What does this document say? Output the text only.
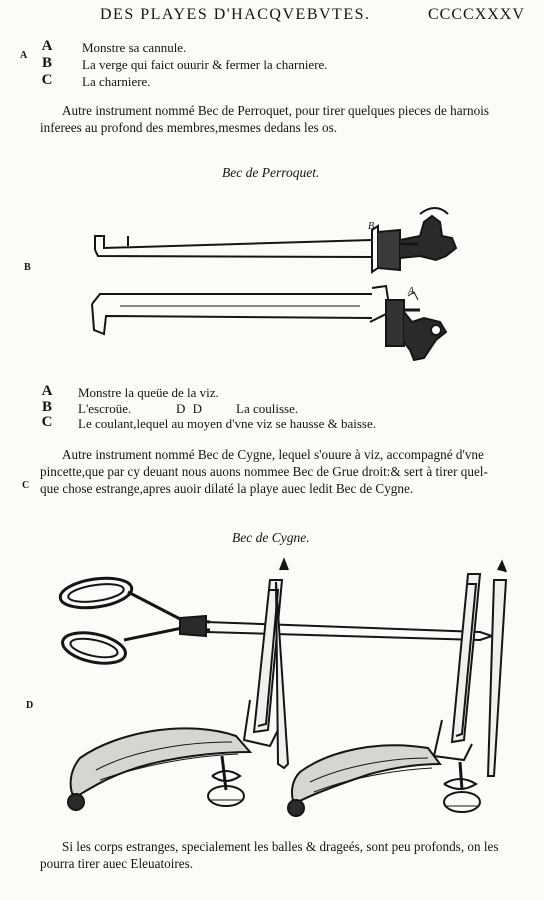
DES PLAYES D'HACQVEBVTES.	CCCCXXXV
A
B
C
D
A Monstre sa cannule.
B La verge qui faict ouurir & fermer la charniere.
C La charniere.
Autre instrument nommé Bec de Perroquet, pour tirer quelques pieces de harnois
inferees au profond des membres,mesmes dedans les os.
Bec de Perroquet.
B
A
A Monstre la queüe de la viz.
B L'escroüe.	D D La coulisse.
C Le coulant,lequel au moyen d'vne viz se hausse & baisse.
Autre instrument nommé Bec de Cygne, lequel s'ouure à viz, accompagné d'vne
pincette,que par cy deuant nous auons nommee Bec de Grue droit:& sert à tirer quel-
que chose estrange,apres auoir dilaté la playe auec ledit Bec de Cygne.
Bec de Cygne.
Si les corps estranges, specialement les balles & drageés, sont peu profonds, on les
pourra tirer auec Eleuatoires.
